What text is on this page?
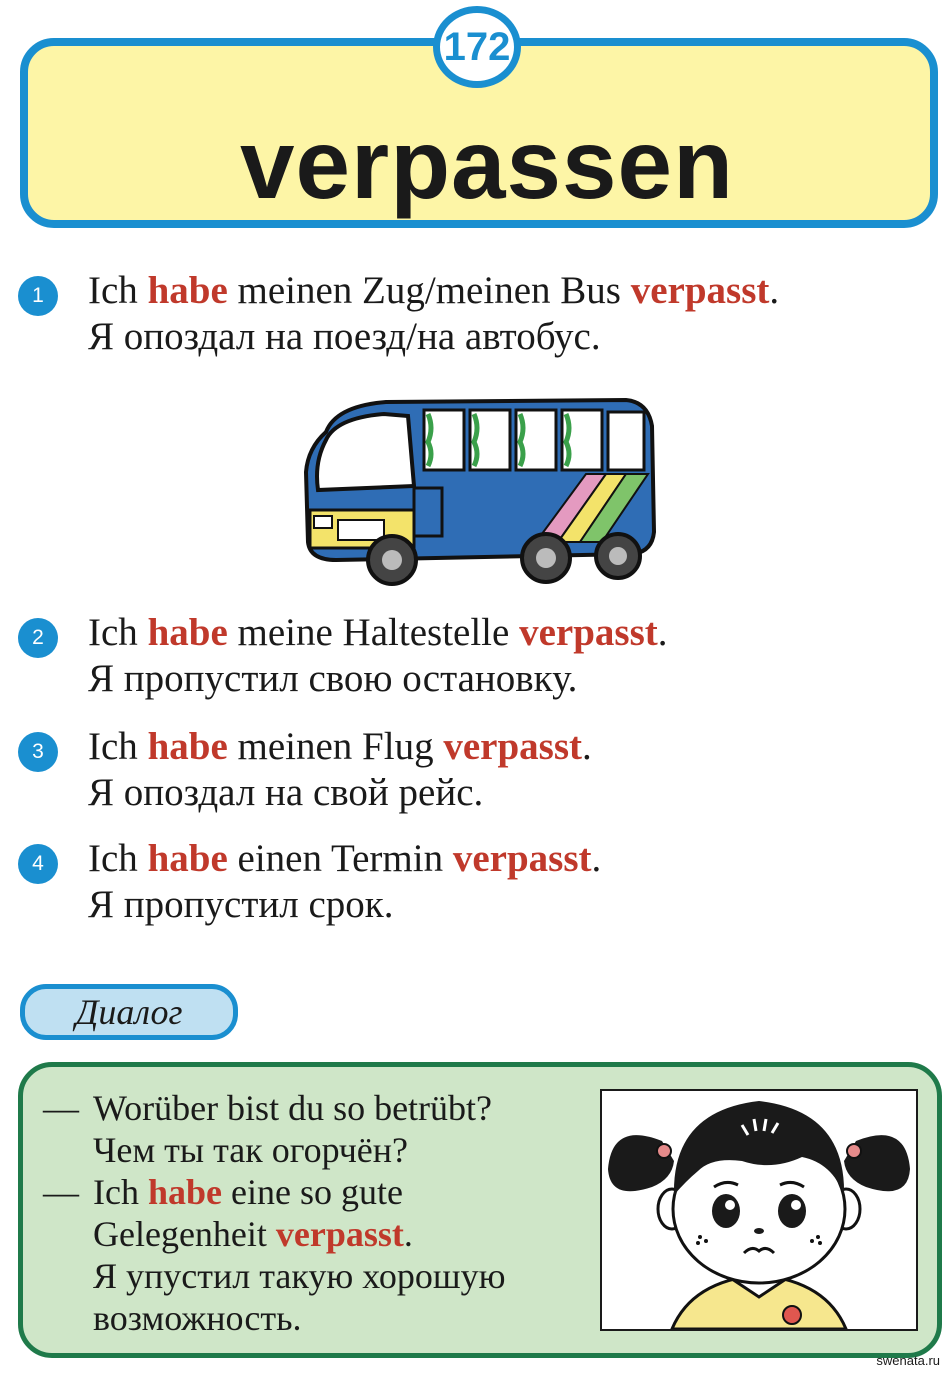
172
verpassen
1	Ich habe meinen Zug/meinen Bus verpasst.
Я опоздал на поезд/на автобус.
2	Ich habe meine Haltestelle verpasst.
Я пропустил свою остановку.
3	Ich habe meinen Flug verpasst.
Я опоздал на свой рейс.
4	Ich habe einen Termin verpasst.
Я пропустил срок.
Диалог
— Worüber bist du so betrübt?
Чем ты так огорчён?
— Ich habe eine so gute
Gelegenheit verpasst.
Я упустил такую хорошую
возможность.
swenata.ru
